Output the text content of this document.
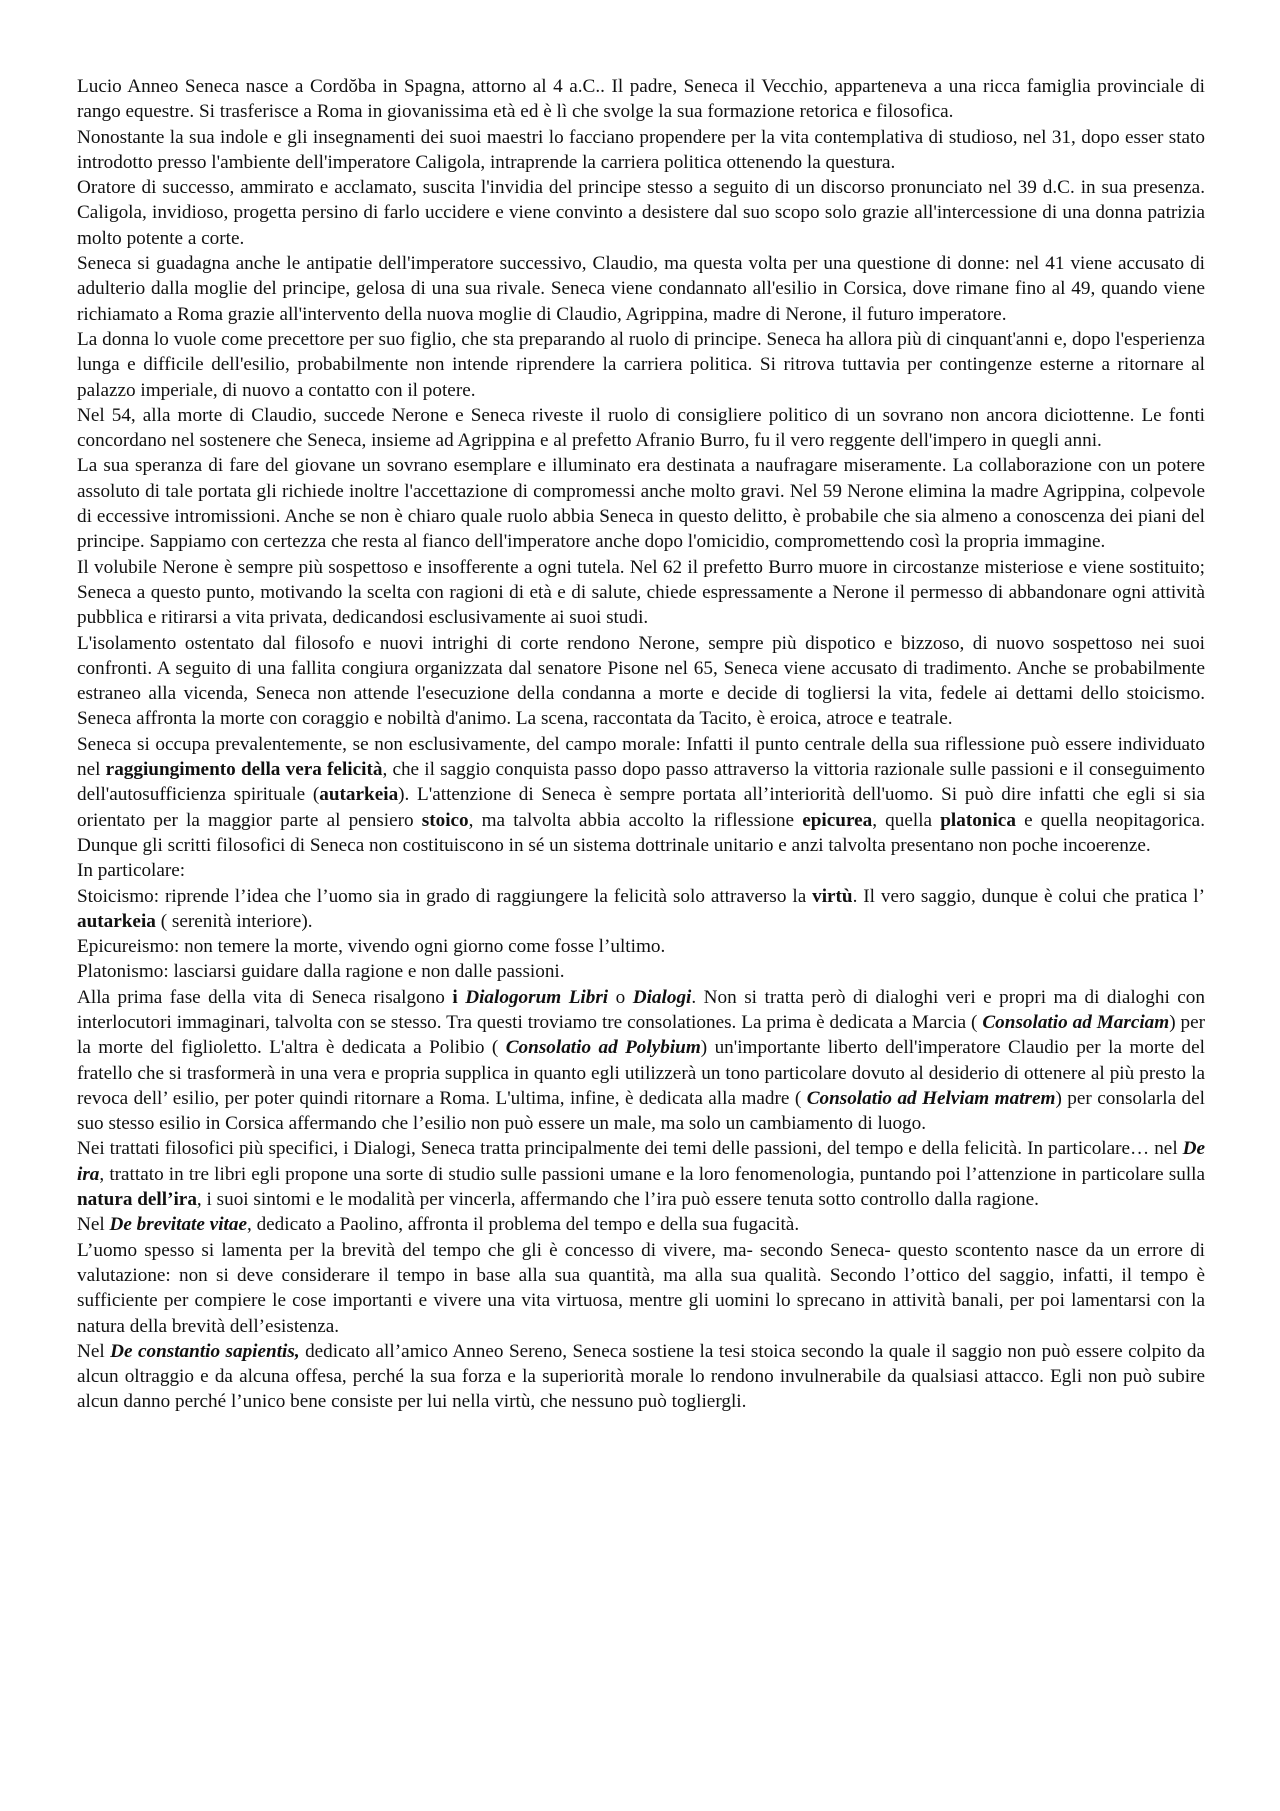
Lucio Anneo Seneca nasce a Cordŏba in Spagna, attorno al 4 a.C.. Il padre, Seneca il Vecchio, apparteneva a una ricca famiglia provinciale di rango equestre. Si trasferisce a Roma in giovanissima età ed è lì che svolge la sua formazione retorica e filosofica.

Nonostante la sua indole e gli insegnamenti dei suoi maestri lo facciano propendere per la vita contemplativa di studioso, nel 31, dopo esser stato introdotto presso l'ambiente dell'imperatore Caligola, intraprende la carriera politica ottenendo la questura.

Oratore di successo, ammirato e acclamato, suscita l'invidia del principe stesso a seguito di un discorso pronunciato nel 39 d.C. in sua presenza. Caligola, invidioso, progetta persino di farlo uccidere e viene convinto a desistere dal suo scopo solo grazie all'intercessione di una donna patrizia molto potente a corte.

Seneca si guadagna anche le antipatie dell'imperatore successivo, Claudio, ma questa volta per una questione di donne: nel 41 viene accusato di adulterio dalla moglie del principe, gelosa di una sua rivale. Seneca viene condannato all'esilio in Corsica, dove rimane fino al 49, quando viene richiamato a Roma grazie all'intervento della nuova moglie di Claudio, Agrippina, madre di Nerone, il futuro imperatore.

La donna lo vuole come precettore per suo figlio, che sta preparando al ruolo di principe. Seneca ha allora più di cinquant'anni e, dopo l'esperienza lunga e difficile dell'esilio, probabilmente non intende riprendere la carriera politica. Si ritrova tuttavia per contingenze esterne a ritornare al palazzo imperiale, di nuovo a contatto con il potere.

Nel 54, alla morte di Claudio, succede Nerone e Seneca riveste il ruolo di consigliere politico di un sovrano non ancora diciottenne. Le fonti concordano nel sostenere che Seneca, insieme ad Agrippina e al prefetto Afranio Burro, fu il vero reggente dell'impero in quegli anni.

La sua speranza di fare del giovane un sovrano esemplare e illuminato era destinata a naufragare miseramente. La collaborazione con un potere assoluto di tale portata gli richiede inoltre l'accettazione di compromessi anche molto gravi. Nel 59 Nerone elimina la madre Agrippina, colpevole di eccessive intromissioni. Anche se non è chiaro quale ruolo abbia Seneca in questo delitto, è probabile che sia almeno a conoscenza dei piani del principe. Sappiamo con certezza che resta al fianco dell'imperatore anche dopo l'omicidio, compromettendo così la propria immagine.

Il volubile Nerone è sempre più sospettoso e insofferente a ogni tutela. Nel 62 il prefetto Burro muore in circostanze misteriose e viene sostituito; Seneca a questo punto, motivando la scelta con ragioni di età e di salute, chiede espressamente a Nerone il permesso di abbandonare ogni attività pubblica e ritirarsi a vita privata, dedicandosi esclusivamente ai suoi studi.

L'isolamento ostentato dal filosofo e nuovi intrighi di corte rendono Nerone, sempre più dispotico e bizzoso, di nuovo sospettoso nei suoi confronti. A seguito di una fallita congiura organizzata dal senatore Pisone nel 65, Seneca viene accusato di tradimento. Anche se probabilmente estraneo alla vicenda, Seneca non attende l'esecuzione della condanna a morte e decide di togliersi la vita, fedele ai dettami dello stoicismo. Seneca affronta la morte con coraggio e nobiltà d'animo. La scena, raccontata da Tacito, è eroica, atroce e teatrale.

Seneca si occupa prevalentemente, se non esclusivamente, del campo morale: Infatti il punto centrale della sua riflessione può essere individuato nel raggiungimento della vera felicità, che il saggio conquista passo dopo passo attraverso la vittoria razionale sulle passioni e il conseguimento dell'autosufficienza spirituale (autarkeia). L'attenzione di Seneca è sempre portata all’interiorità dell'uomo. Si può dire infatti che egli si sia orientato per la maggior parte al pensiero stoico, ma talvolta abbia accolto la riflessione epicurea, quella platonica e quella neopitagorica. Dunque gli scritti filosofici di Seneca non costituiscono in sé un sistema dottrinale unitario e anzi talvolta presentano non poche incoerenze.

In particolare:

Stoicismo: riprende l’idea che l’uomo sia in grado di raggiungere la felicità solo attraverso la virtù. Il vero saggio, dunque è colui che pratica l’ autarkeia ( serenità interiore).

Epicureismo: non temere la morte, vivendo ogni giorno come fosse l’ultimo.

Platonismo: lasciarsi guidare dalla ragione e non dalle passioni.

Alla prima fase della vita di Seneca risalgono i Dialogorum Libri o Dialogi. Non si tratta però di dialoghi veri e propri ma di dialoghi con interlocutori immaginari, talvolta con se stesso. Tra questi troviamo tre consolationes. La prima è dedicata a Marcia ( Consolatio ad Marciam) per la morte del figlioletto. L'altra è dedicata a Polibio ( Consolatio ad Polybium) un'importante liberto dell'imperatore Claudio per la morte del fratello che si trasformerà in una vera e propria supplica in quanto egli utilizzerà un tono particolare dovuto al desiderio di ottenere al più presto la revoca dell’ esilio, per poter quindi ritornare a Roma. L'ultima, infine, è dedicata alla madre ( Consolatio ad Helviam matrem) per consolarla del suo stesso esilio in Corsica affermando che l’esilio non può essere un male, ma solo un cambiamento di luogo.

Nei trattati filosofici più specifici, i Dialogi, Seneca tratta principalmente dei temi delle passioni, del tempo e della felicità. In particolare… nel De ira, trattato in tre libri egli propone una sorte di studio sulle passioni umane e la loro fenomenologia, puntando poi l’attenzione in particolare sulla natura dell’ira, i suoi sintomi e le modalità per vincerla, affermando che l’ira può essere tenuta sotto controllo dalla ragione.

Nel De brevitate vitae, dedicato a Paolino, affronta il problema del tempo e della sua fugacità.

L’uomo spesso si lamenta per la brevità del tempo che gli è concesso di vivere, ma- secondo Seneca- questo scontento nasce da un errore di valutazione: non si deve considerare il tempo in base alla sua quantità, ma alla sua qualità. Secondo l’ottico del saggio, infatti, il tempo è sufficiente per compiere le cose importanti e vivere una vita virtuosa, mentre gli uomini lo sprecano in attività banali, per poi lamentarsi con la natura della brevità dell’esistenza.

Nel De constantio sapientis, dedicato all’amico Anneo Sereno, Seneca sostiene la tesi stoica secondo la quale il saggio non può essere colpito da alcun oltraggio e da alcuna offesa, perché la sua forza e la superiorità morale lo rendono invulnerabile da qualsiasi attacco. Egli non può subire alcun danno perché l’unico bene consiste per lui nella virtù, che nessuno può togliergli.
